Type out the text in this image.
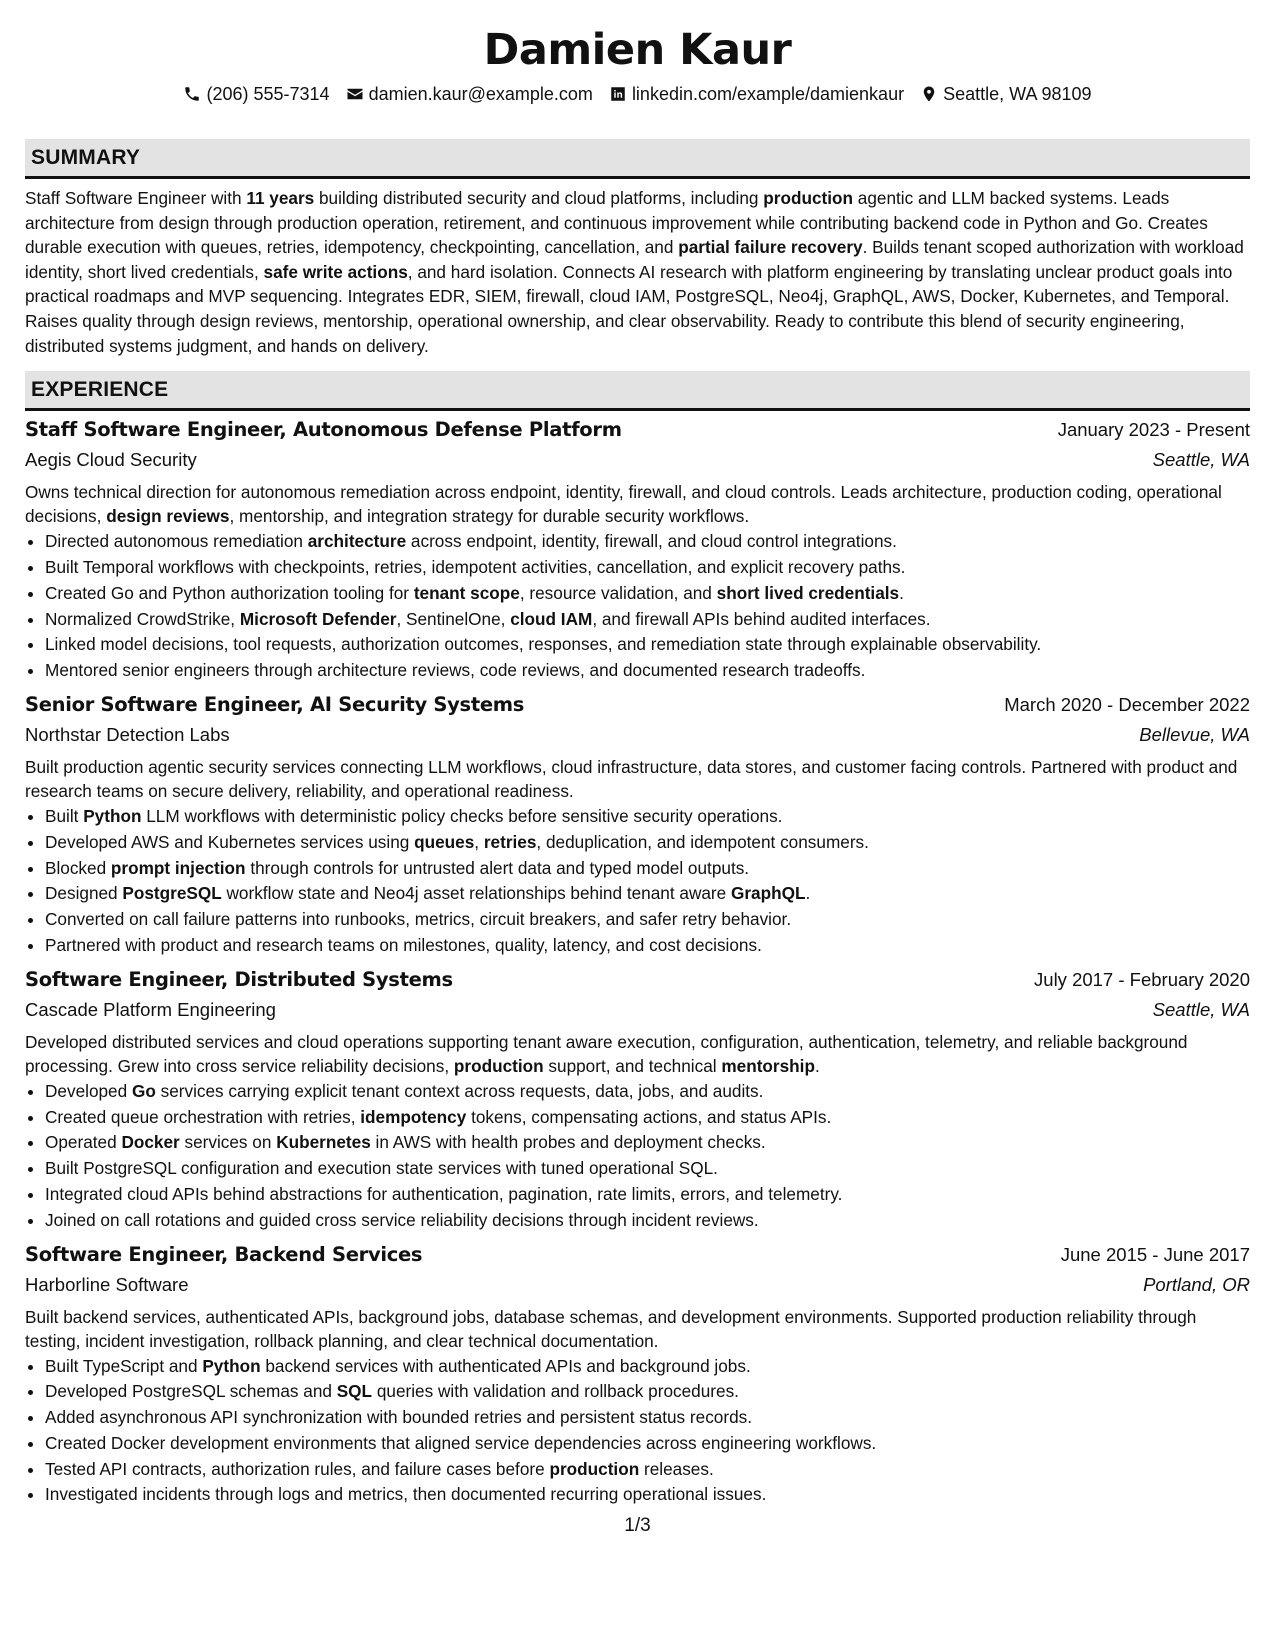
Damien Kaur
(206) 555-7314 damien.kaur@example.com linkedin.com/example/damienkaur Seattle, WA 98109
SUMMARY

Staff Software Engineer with 11 years building distributed security and cloud platforms, including production agentic and LLM backed systems. Leads architecture from design through production operation, retirement, and continuous improvement while contributing backend code in Python and Go. Creates durable execution with queues, retries, idempotency, checkpointing, cancellation, and partial failure recovery. Builds tenant scoped authorization with workload identity, short lived credentials, safe write actions, and hard isolation. Connects AI research with platform engineering by translating unclear product goals into practical roadmaps and MVP sequencing. Integrates EDR, SIEM, firewall, cloud IAM, PostgreSQL, Neo4j, GraphQL, AWS, Docker, Kubernetes, and Temporal. Raises quality through design reviews, mentorship, operational ownership, and clear observability. Ready to contribute this blend of security engineering, distributed systems judgment, and hands on delivery.

EXPERIENCE
Staff Software Engineer, Autonomous Defense Platform	January 2023 - Present
Aegis Cloud Security	Seattle, WA
Owns technical direction for autonomous remediation across endpoint, identity, firewall, and cloud controls. Leads architecture, production coding, operational decisions, design reviews, mentorship, and integration strategy for durable security workflows.
• Directed autonomous remediation architecture across endpoint, identity, firewall, and cloud control integrations.
• Built Temporal workflows with checkpoints, retries, idempotent activities, cancellation, and explicit recovery paths.
• Created Go and Python authorization tooling for tenant scope, resource validation, and short lived credentials.
• Normalized CrowdStrike, Microsoft Defender, SentinelOne, cloud IAM, and firewall APIs behind audited interfaces.
• Linked model decisions, tool requests, authorization outcomes, responses, and remediation state through explainable observability.
• Mentored senior engineers through architecture reviews, code reviews, and documented research tradeoffs.
Senior Software Engineer, AI Security Systems	March 2020 - December 2022
Northstar Detection Labs	Bellevue, WA
Built production agentic security services connecting LLM workflows, cloud infrastructure, data stores, and customer facing controls. Partnered with product and research teams on secure delivery, reliability, and operational readiness.
• Built Python LLM workflows with deterministic policy checks before sensitive security operations.
• Developed AWS and Kubernetes services using queues, retries, deduplication, and idempotent consumers.
• Blocked prompt injection through controls for untrusted alert data and typed model outputs.
• Designed PostgreSQL workflow state and Neo4j asset relationships behind tenant aware GraphQL.
• Converted on call failure patterns into runbooks, metrics, circuit breakers, and safer retry behavior.
• Partnered with product and research teams on milestones, quality, latency, and cost decisions.
Software Engineer, Distributed Systems	July 2017 - February 2020
Cascade Platform Engineering	Seattle, WA
Developed distributed services and cloud operations supporting tenant aware execution, configuration, authentication, telemetry, and reliable background processing. Grew into cross service reliability decisions, production support, and technical mentorship.
• Developed Go services carrying explicit tenant context across requests, data, jobs, and audits.
• Created queue orchestration with retries, idempotency tokens, compensating actions, and status APIs.
• Operated Docker services on Kubernetes in AWS with health probes and deployment checks.
• Built PostgreSQL configuration and execution state services with tuned operational SQL.
• Integrated cloud APIs behind abstractions for authentication, pagination, rate limits, errors, and telemetry.
• Joined on call rotations and guided cross service reliability decisions through incident reviews.
Software Engineer, Backend Services	June 2015 - June 2017
Harborline Software	Portland, OR
Built backend services, authenticated APIs, background jobs, database schemas, and development environments. Supported production reliability through testing, incident investigation, rollback planning, and clear technical documentation.
• Built TypeScript and Python backend services with authenticated APIs and background jobs.
• Developed PostgreSQL schemas and SQL queries with validation and rollback procedures.
• Added asynchronous API synchronization with bounded retries and persistent status records.
• Created Docker development environments that aligned service dependencies across engineering workflows.
• Tested API contracts, authorization rules, and failure cases before production releases.
• Investigated incidents through logs and metrics, then documented recurring operational issues.
1/3
